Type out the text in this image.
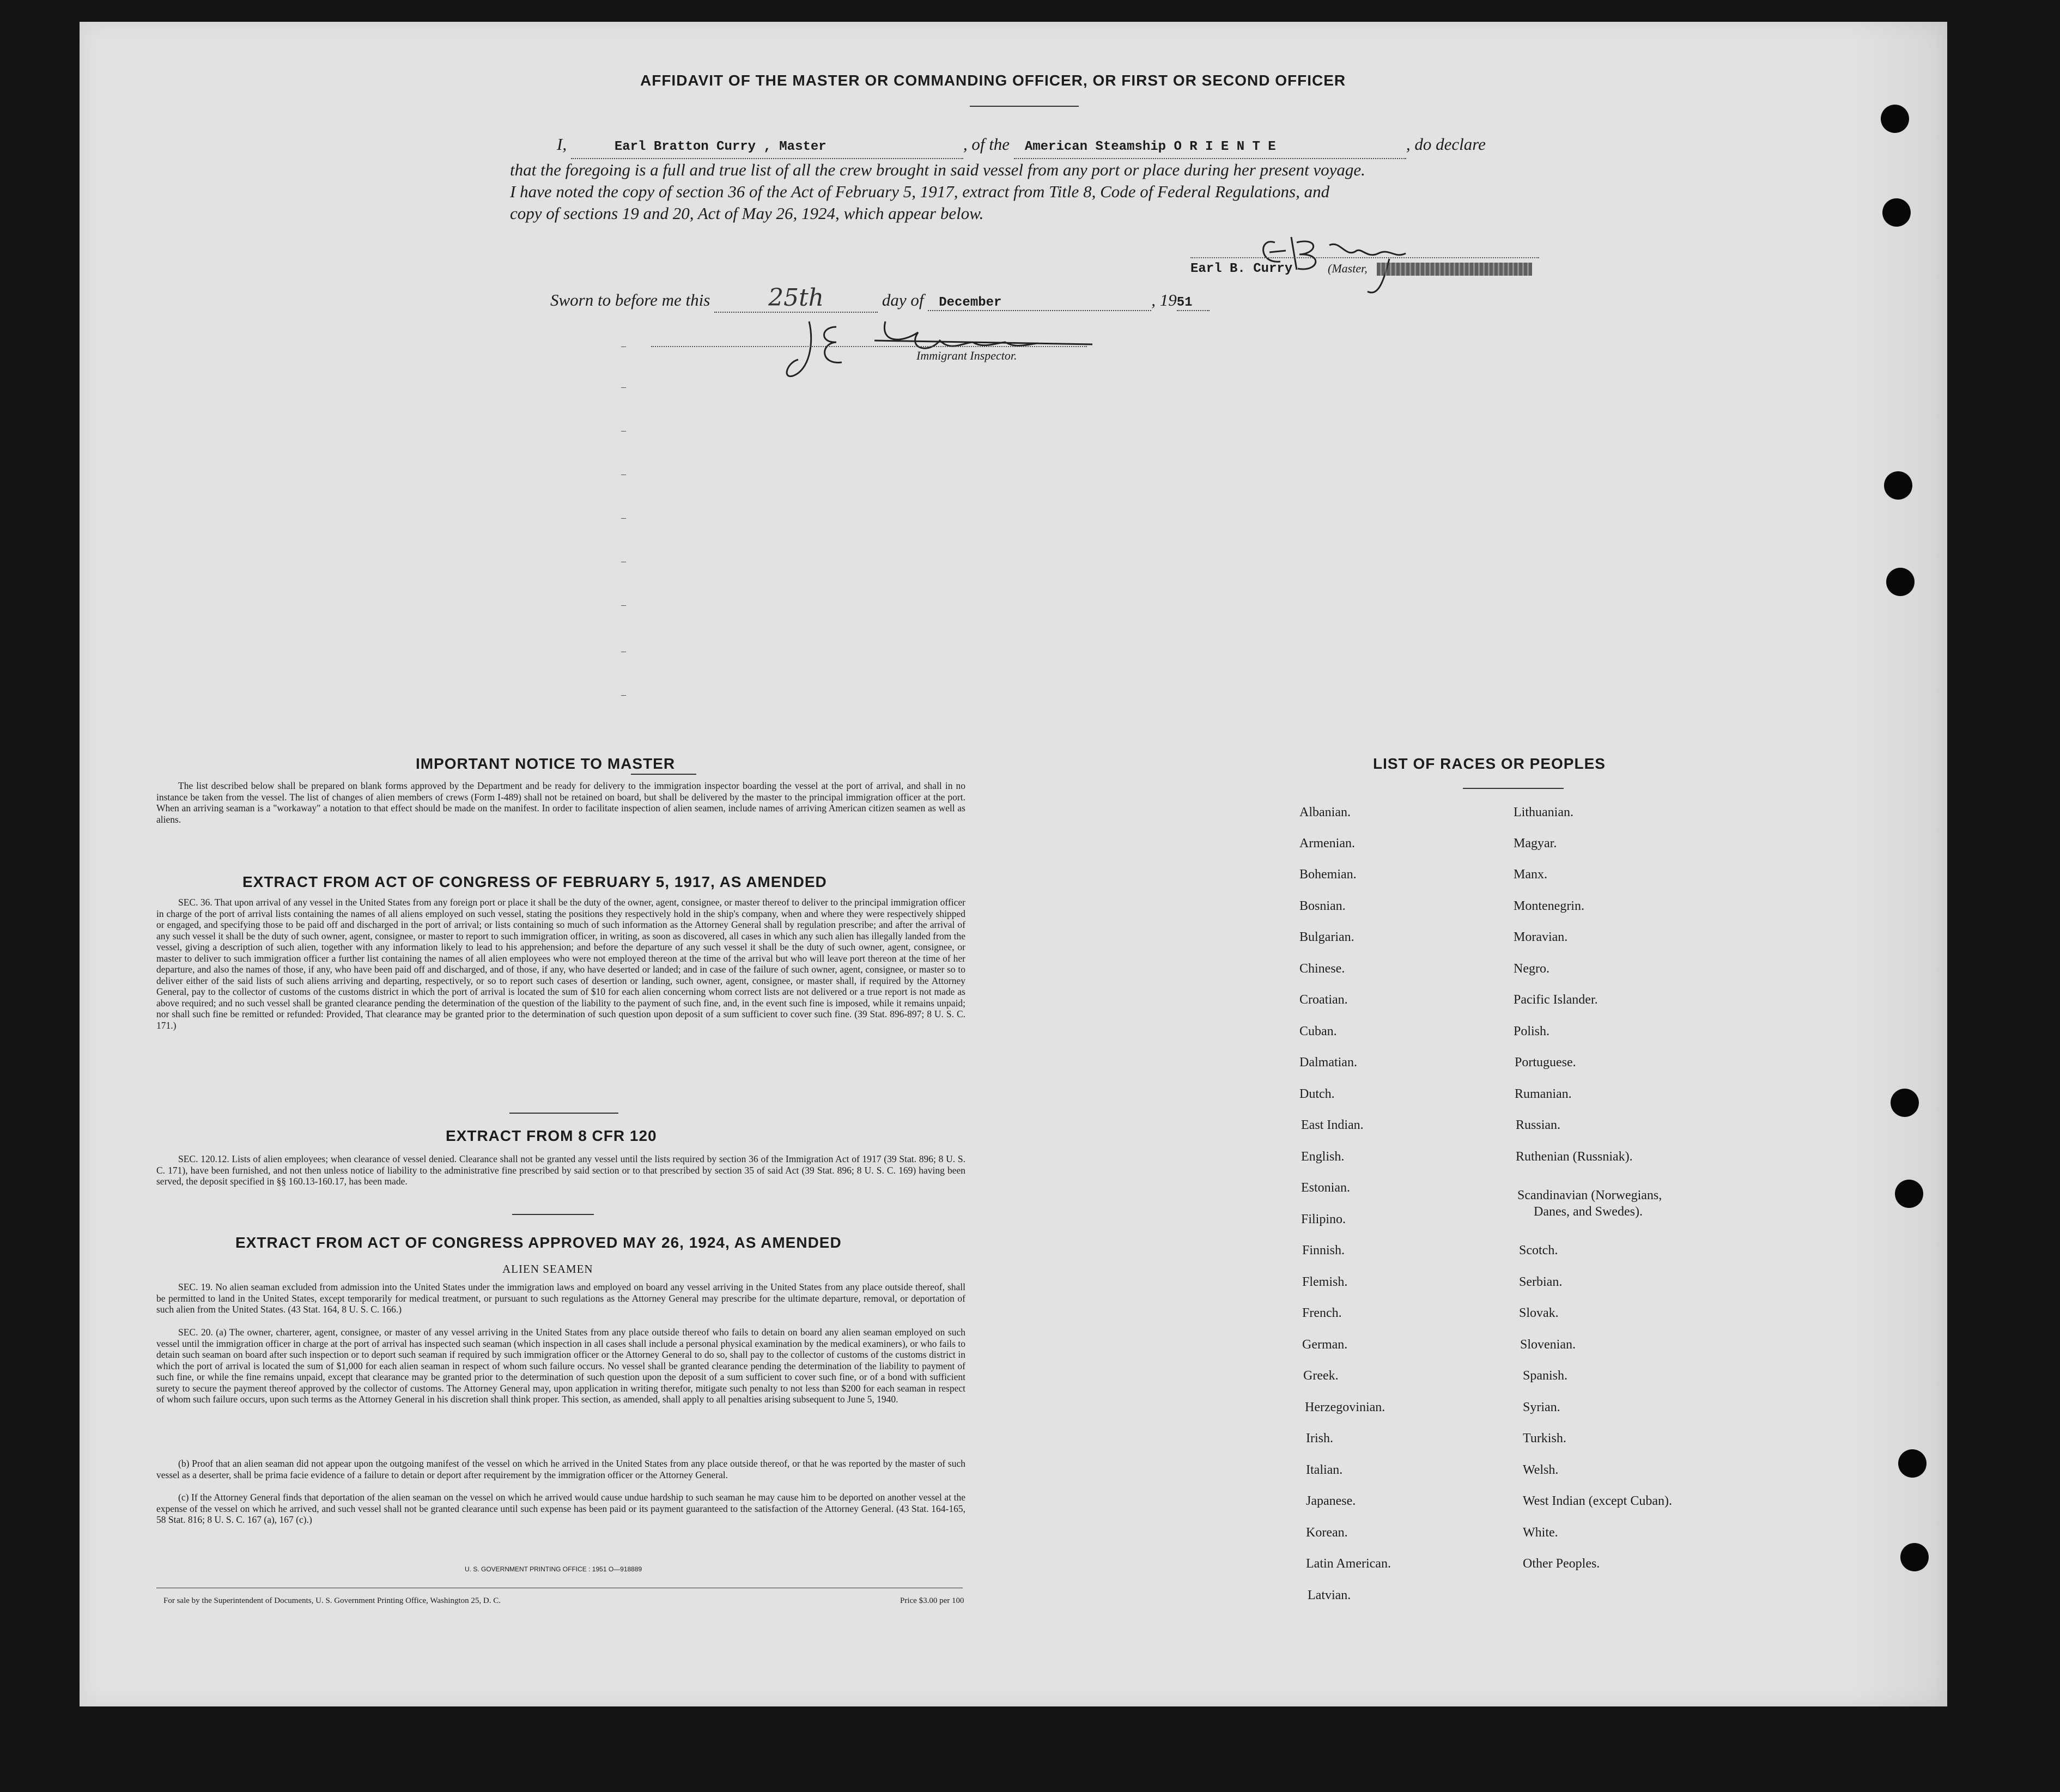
AFFIDAVIT OF THE MASTER OR COMMANDING OFFICER, OR FIRST OR SECOND OFFICER
I,	Earl Bratton Curry , Master	, of the American Steamship O R I E N T E	, do declare
that the foregoing is a full and true list of all the crew brought in said vessel from any port or place during her present voyage.
I have noted the copy of section 36 of the Act of February 5, 1917, extract from Title 8, Code of Federal Regulations, and
copy of sections 19 and 20, Act of May 26, 1924, which appear below.
Earl B. Curry	(Master,
Sworn to before me this 25th	day of December	, 1951
Immigrant Inspector.
–
–
–
–
–
–
–
–
–
IMPORTANT NOTICE TO MASTER
The list described below shall be prepared on blank forms approved by the Department and be ready for delivery to the immigration inspector boarding the vessel at the port of arrival, and shall in no instance be taken from the vessel. The list of changes of alien members of crews (Form I-489) shall not be retained on board, but shall be delivered by the master to the principal immigration officer at the port. When an arriving seaman is a "workaway" a notation to that effect should be made on the manifest. In order to facilitate inspection of alien seamen, include names of arriving American citizen seamen as well as aliens.
EXTRACT FROM ACT OF CONGRESS OF FEBRUARY 5, 1917, AS AMENDED
SEC. 36. That upon arrival of any vessel in the United States from any foreign port or place it shall be the duty of the owner, agent, consignee, or master thereof to deliver to the principal immigration officer in charge of the port of arrival lists containing the names of all aliens employed on such vessel, stating the positions they respectively hold in the ship's company, when and where they were respectively shipped or engaged, and specifying those to be paid off and discharged in the port of arrival; or lists containing so much of such information as the Attorney General shall by regulation prescribe; and after the arrival of any such vessel it shall be the duty of such owner, agent, consignee, or master to report to such immigration officer, in writing, as soon as discovered, all cases in which any such alien has illegally landed from the vessel, giving a description of such alien, together with any information likely to lead to his apprehension; and before the departure of any such vessel it shall be the duty of such owner, agent, consignee, or master to deliver to such immigration officer a further list containing the names of all alien employees who were not employed thereon at the time of the arrival but who will leave port thereon at the time of her departure, and also the names of those, if any, who have been paid off and discharged, and of those, if any, who have deserted or landed; and in case of the failure of such owner, agent, consignee, or master so to deliver either of the said lists of such aliens arriving and departing, respectively, or so to report such cases of desertion or landing, such owner, agent, consignee, or master shall, if required by the Attorney General, pay to the collector of customs of the customs district in which the port of arrival is located the sum of $10 for each alien concerning whom correct lists are not delivered or a true report is not made as above required; and no such vessel shall be granted clearance pending the determination of the question of the liability to the payment of such fine, and, in the event such fine is imposed, while it remains unpaid; nor shall such fine be remitted or refunded: Provided, That clearance may be granted prior to the determination of such question upon deposit of a sum sufficient to cover such fine. (39 Stat. 896-897; 8 U. S. C. 171.)
EXTRACT FROM 8 CFR 120
SEC. 120.12. Lists of alien employees; when clearance of vessel denied. Clearance shall not be granted any vessel until the lists required by section 36 of the Immigration Act of 1917 (39 Stat. 896; 8 U. S. C. 171), have been furnished, and not then unless notice of liability to the administrative fine prescribed by said section or to that prescribed by section 35 of said Act (39 Stat. 896; 8 U. S. C. 169) having been served, the deposit specified in §§ 160.13-160.17, has been made.
EXTRACT FROM ACT OF CONGRESS APPROVED MAY 26, 1924, AS AMENDED
ALIEN SEAMEN
SEC. 19. No alien seaman excluded from admission into the United States under the immigration laws and employed on board any vessel arriving in the United States from any place outside thereof, shall be permitted to land in the United States, except temporarily for medical treatment, or pursuant to such regulations as the Attorney General may prescribe for the ultimate departure, removal, or deportation of such alien from the United States. (43 Stat. 164, 8 U. S. C. 166.)
SEC. 20. (a) The owner, charterer, agent, consignee, or master of any vessel arriving in the United States from any place outside thereof who fails to detain on board any alien seaman employed on such vessel until the immigration officer in charge at the port of arrival has inspected such seaman (which inspection in all cases shall include a personal physical examination by the medical examiners), or who fails to detain such seaman on board after such inspection or to deport such seaman if required by such immigration officer or the Attorney General to do so, shall pay to the collector of customs of the customs district in which the port of arrival is located the sum of $1,000 for each alien seaman in respect of whom such failure occurs. No vessel shall be granted clearance pending the determination of the liability to payment of such fine, or while the fine remains unpaid, except that clearance may be granted prior to the determination of such question upon the deposit of a sum sufficient to cover such fine, or of a bond with sufficient surety to secure the payment thereof approved by the collector of customs. The Attorney General may, upon application in writing therefor, mitigate such penalty to not less than $200 for each seaman in respect of whom such failure occurs, upon such terms as the Attorney General in his discretion shall think proper. This section, as amended, shall apply to all penalties arising subsequent to June 5, 1940.
(b) Proof that an alien seaman did not appear upon the outgoing manifest of the vessel on which he arrived in the United States from any place outside thereof, or that he was reported by the master of such vessel as a deserter, shall be prima facie evidence of a failure to detain or deport after requirement by the immigration officer or the Attorney General.
(c) If the Attorney General finds that deportation of the alien seaman on the vessel on which he arrived would cause undue hardship to such seaman he may cause him to be deported on another vessel at the expense of the vessel on which he arrived, and such vessel shall not be granted clearance until such expense has been paid or its payment guaranteed to the satisfaction of the Attorney General. (43 Stat. 164-165, 58 Stat. 816; 8 U. S. C. 167 (a), 167 (c).)
U. S. GOVERNMENT PRINTING OFFICE : 1951 O—918889
For sale by the Superintendent of Documents, U. S. Government Printing Office, Washington 25, D. C.	Price $3.00 per 100
LIST OF RACES OR PEOPLES
Albanian.
Armenian.
Bohemian.
Bosnian.
Bulgarian.
Chinese.
Croatian.
Cuban.
Dalmatian.
Dutch.
East Indian.
English.
Estonian.
Filipino.
Finnish.
Flemish.
French.
German.
Greek.
Herzegovinian.
Irish.
Italian.
Japanese.
Korean.
Latin American.
Latvian.
Lithuanian.
Magyar.
Manx.
Montenegrin.
Moravian.
Negro.
Pacific Islander.
Polish.
Portuguese.
Rumanian.
Russian.
Ruthenian (Russniak).
Scandinavian (Norwegians,
Danes, and Swedes).
Scotch.
Serbian.
Slovak.
Slovenian.
Spanish.
Syrian.
Turkish.
Welsh.
West Indian (except Cuban).
White.
Other Peoples.
